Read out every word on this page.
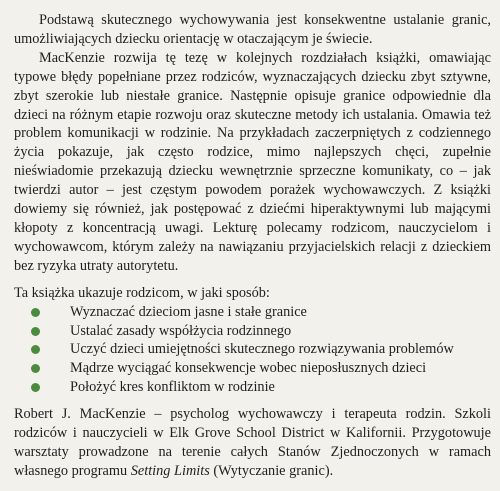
Podstawą skutecznego wychowywania jest konsekwentne ustalanie granic, umożliwiających dziecku orientację w otaczającym je świecie.

MacKenzie rozwija tę tezę w kolejnych rozdziałach książki, omawiając typowe błędy popełniane przez rodziców, wyznaczających dziecku zbyt sztywne, zbyt szerokie lub niestałe granice. Następnie opisuje granice odpowiednie dla dzieci na różnym etapie rozwoju oraz skuteczne metody ich ustalania. Omawia też problem komunikacji w rodzinie. Na przykładach zaczerpniętych z codziennego życia pokazuje, jak często rodzice, mimo najlepszych chęci, zupełnie nieświadomie przekazują dziecku wewnętrznie sprzeczne komunikaty, co – jak twierdzi autor – jest częstym powodem porażek wychowawczych. Z książki dowiemy się również, jak postępować z dziećmi hiperaktywnymi lub mającymi kłopoty z koncentracją uwagi. Lekturę polecamy rodzicom, nauczycielom i wychowawcom, którym zależy na nawiązaniu przyjacielskich relacji z dzieckiem bez ryzyka utraty autorytetu.

Ta książka ukazuje rodzicom, w jaki sposób:

Wyznaczać dzieciom jasne i stałe granice
Ustalać zasady współżycia rodzinnego
Uczyć dzieci umiejętności skutecznego rozwiązywania problemów
Mądrze wyciągać konsekwencje wobec nieposłusznych dzieci
Położyć kres konfliktom w rodzinie

Robert J. MacKenzie – psycholog wychowawczy i terapeuta rodzin. Szkoli rodziców i nauczycieli w Elk Grove School District w Kalifornii. Przygotowuje warsztaty prowadzone na terenie całych Stanów Zjednoczonych w ramach własnego programu Setting Limits (Wytyczanie granic).
